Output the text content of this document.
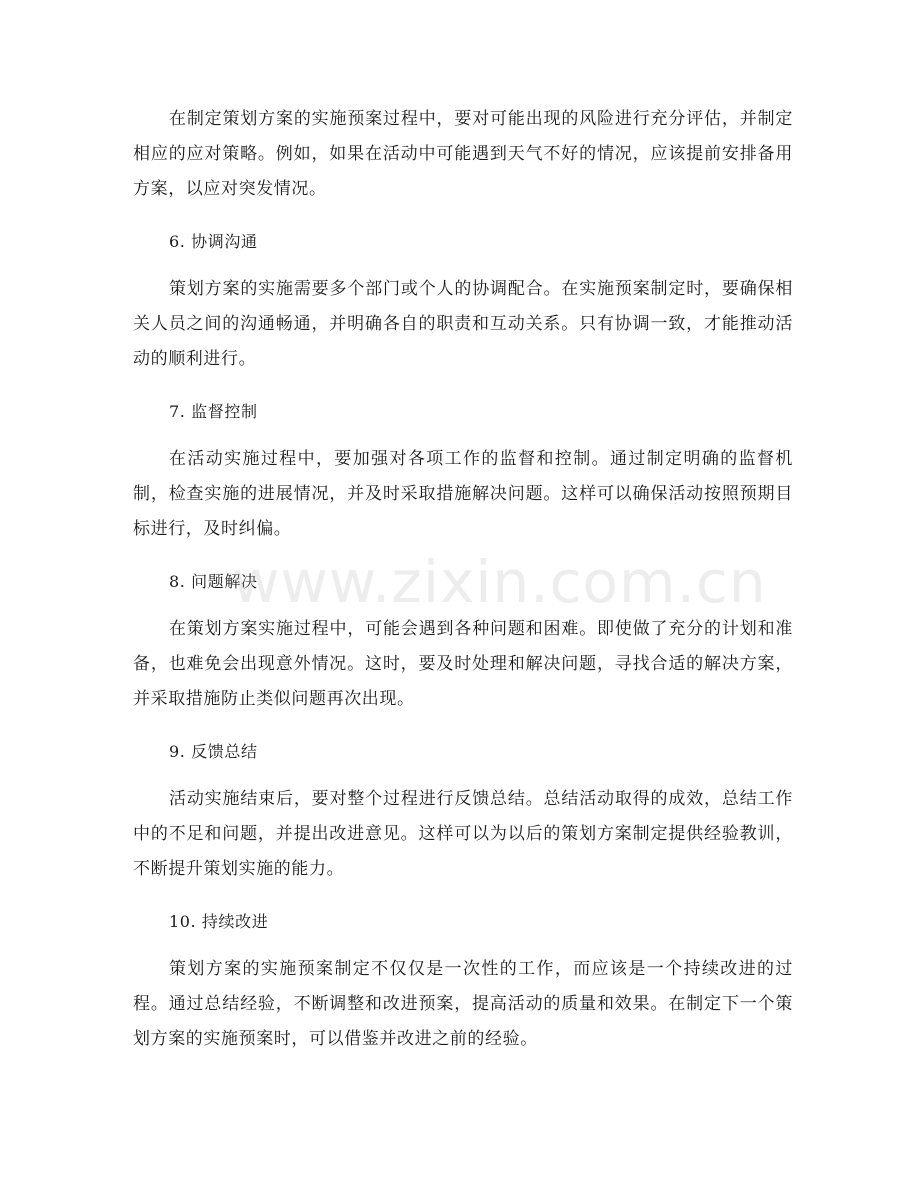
在制定策划方案的实施预案过程中，要对可能出现的风险进行充分评估，并制定相应的应对策略。例如，如果在活动中可能遇到天气不好的情况，应该提前安排备用方案，以应对突发情况。
6. 协调沟通
策划方案的实施需要多个部门或个人的协调配合。在实施预案制定时，要确保相关人员之间的沟通畅通，并明确各自的职责和互动关系。只有协调一致，才能推动活动的顺利进行。
7. 监督控制
在活动实施过程中，要加强对各项工作的监督和控制。通过制定明确的监督机制，检查实施的进展情况，并及时采取措施解决问题。这样可以确保活动按照预期目标进行，及时纠偏。
8. 问题解决
在策划方案实施过程中，可能会遇到各种问题和困难。即使做了充分的计划和准备，也难免会出现意外情况。这时，要及时处理和解决问题，寻找合适的解决方案，并采取措施防止类似问题再次出现。
9. 反馈总结
活动实施结束后，要对整个过程进行反馈总结。总结活动取得的成效，总结工作中的不足和问题，并提出改进意见。这样可以为以后的策划方案制定提供经验教训，不断提升策划实施的能力。
10. 持续改进
策划方案的实施预案制定不仅仅是一次性的工作，而应该是一个持续改进的过程。通过总结经验，不断调整和改进预案，提高活动的质量和效果。在制定下一个策划方案的实施预案时，可以借鉴并改进之前的经验。
www.zixin.com.cn
